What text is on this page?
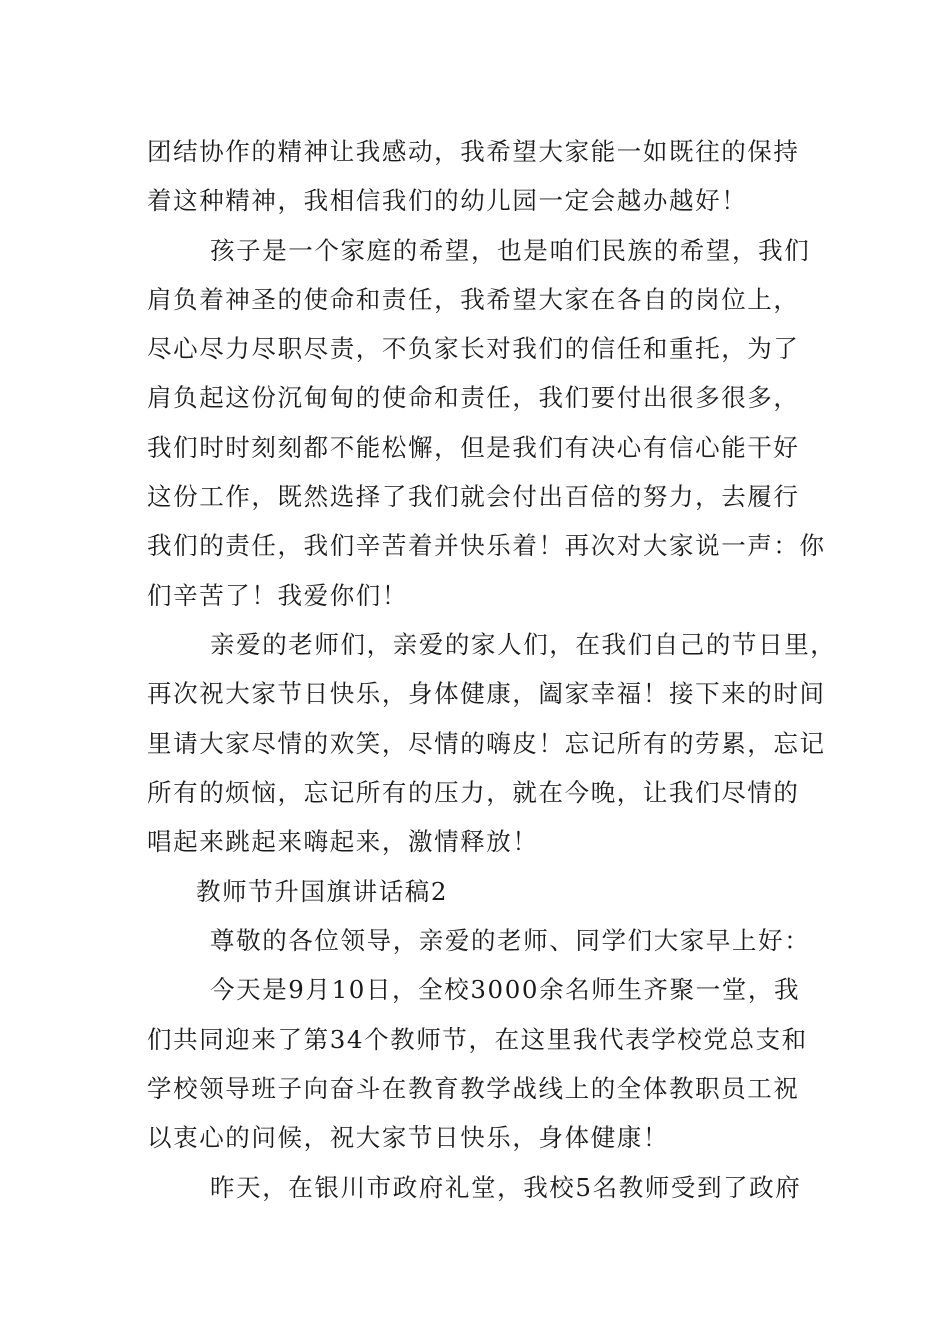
团结协作的精神让我感动，我希望大家能一如既往的保持
着这种精神，我相信我们的幼儿园一定会越办越好！
孩子是一个家庭的希望，也是咱们民族的希望，我们
肩负着神圣的使命和责任，我希望大家在各自的岗位上，
尽心尽力尽职尽责，不负家长对我们的信任和重托，为了
肩负起这份沉甸甸的使命和责任，我们要付出很多很多，
我们时时刻刻都不能松懈，但是我们有决心有信心能干好
这份工作，既然选择了我们就会付出百倍的努力，去履行
我们的责任，我们辛苦着并快乐着！再次对大家说一声：你
们辛苦了！我爱你们！
亲爱的老师们，亲爱的家人们，在我们自己的节日里，
再次祝大家节日快乐，身体健康，阖家幸福！接下来的时间
里请大家尽情的欢笑，尽情的嗨皮！忘记所有的劳累，忘记
所有的烦恼，忘记所有的压力，就在今晚，让我们尽情的
唱起来跳起来嗨起来，激情释放！
教师节升国旗讲话稿2
尊敬的各位领导，亲爱的老师、同学们大家早上好：
今天是9月10日，全校3000余名师生齐聚一堂，我
们共同迎来了第34个教师节，在这里我代表学校党总支和
学校领导班子向奋斗在教育教学战线上的全体教职员工祝
以衷心的问候，祝大家节日快乐，身体健康！
昨天，在银川市政府礼堂，我校5名教师受到了政府
